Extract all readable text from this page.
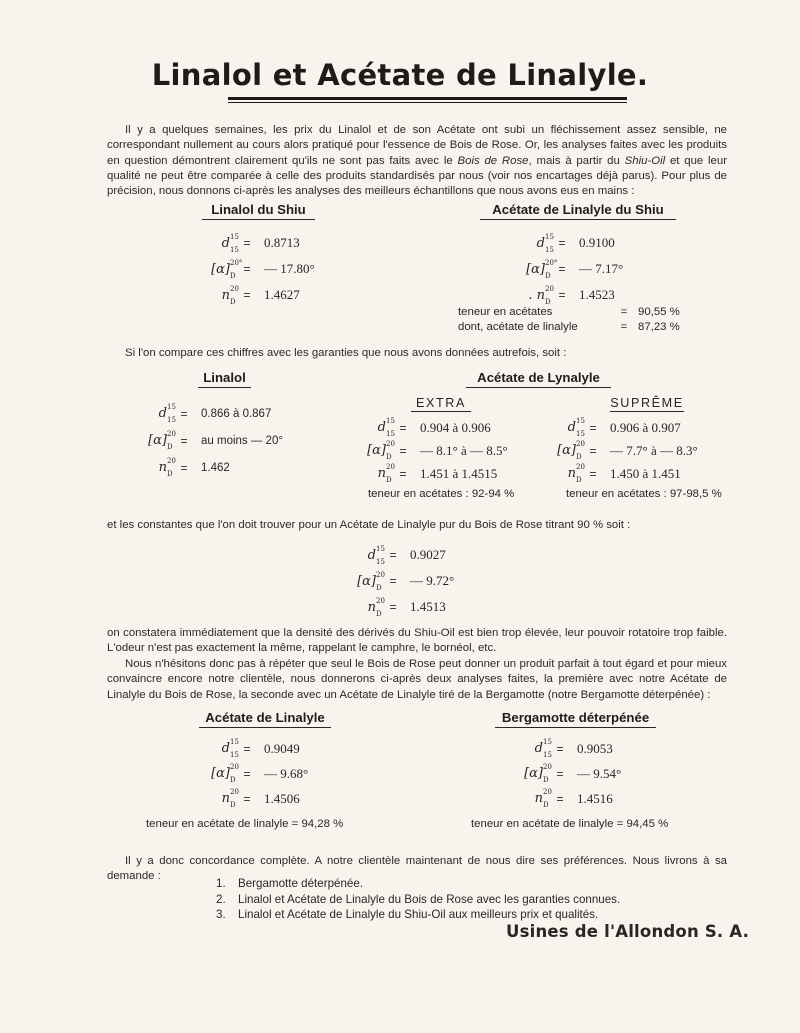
Linalol et Acétate de Linalyle.
Il y a quelques semaines, les prix du Linalol et de son Acétate ont subi un fléchissement assez sensible, ne correspondant nullement au cours alors pratiqué pour l'essence de Bois de Rose. Or, les analyses faites avec les produits en question démontrent clairement qu'ils ne sont pas faits avec le Bois de Rose, mais à partir du Shiu-Oil et que leur qualité ne peut être comparée à celle des produits standardisés par nous (voir nos encartages déjà parus). Pour plus de précision, nous donnons ci-après les analyses des meilleurs échantillons que nous avons eus en mains :
Linalol du Shiu
d 15
15 =	0.8713
[α] 20°
D =	— 17.80°
n 20
D =	1.4627
Acétate de Linalyle du Shiu
d 15
15 =	0.9100
[α] 20°
D =	— 7.17°
. n 20
D =	1.4523
teneur en acétates	= 90,55 %
dont, acétate de linalyle	= 87,23 %
Si l'on compare ces chiffres avec les garanties que nous avons données autrefois, soit :
Linalol
d 15
15 =	0.866 à 0.867
[α] 20
D =	au moins — 20°
n 20
D =	1.462
Acétate de Lynalyle
EXTRA
d 15
15 =	0.904 à 0.906
[α] 20
D =	— 8.1° à — 8.5°
n 20
D =	1.451 à 1.4515
teneur en acétates : 92-94 %
SUPRÊME
d 15
15 =	0.906 à 0.907
[α] 20
D =	— 7.7° à — 8.3°
n 20
D =	1.450 à 1.451
teneur en acétates : 97-98,5 %
et les constantes que l'on doit trouver pour un Acétate de Linalyle pur du Bois de Rose titrant 90 % soit :
d 15
15 =	0.9027
[α] 20
D =	— 9.72°
n 20
D =	1.4513
on constatera immédiatement que la densité des dérivés du Shiu-Oil est bien trop élevée, leur pouvoir rotatoire trop faible. L'odeur n'est pas exactement la même, rappelant le camphre, le bornéol, etc.
Nous n'hésitons donc pas à répéter que seul le Bois de Rose peut donner un produit parfait à tout égard et pour mieux convaincre encore notre clientèle, nous donnerons ci-après deux analyses faites, la première avec notre Acétate de Linalyle du Bois de Rose, la seconde avec un Acétate de Linalyle tiré de la Bergamotte (notre Bergamotte déterpénée) :
Acétate de Linalyle
d 15
15 =	0.9049
[α] 20
D =	— 9.68°
n 20
D =	1.4506
teneur en acétate de linalyle = 94,28 %
Bergamotte déterpénée
d 15
15 =	0.9053
[α] 20
D =	— 9.54°
n 20
D =	1.4516
teneur en acétate de linalyle = 94,45 %
Il y a donc concordance complète. A notre clientèle maintenant de nous dire ses préférences. Nous livrons à sa demande :
1.	Bergamotte déterpénée.
2.	Linalol et Acétate de Linalyle du Bois de Rose avec les garanties connues.
3.	Linalol et Acétate de Linalyle du Shiu-Oil aux meilleurs prix et qualités.
Usines de l'Allondon S. A.
